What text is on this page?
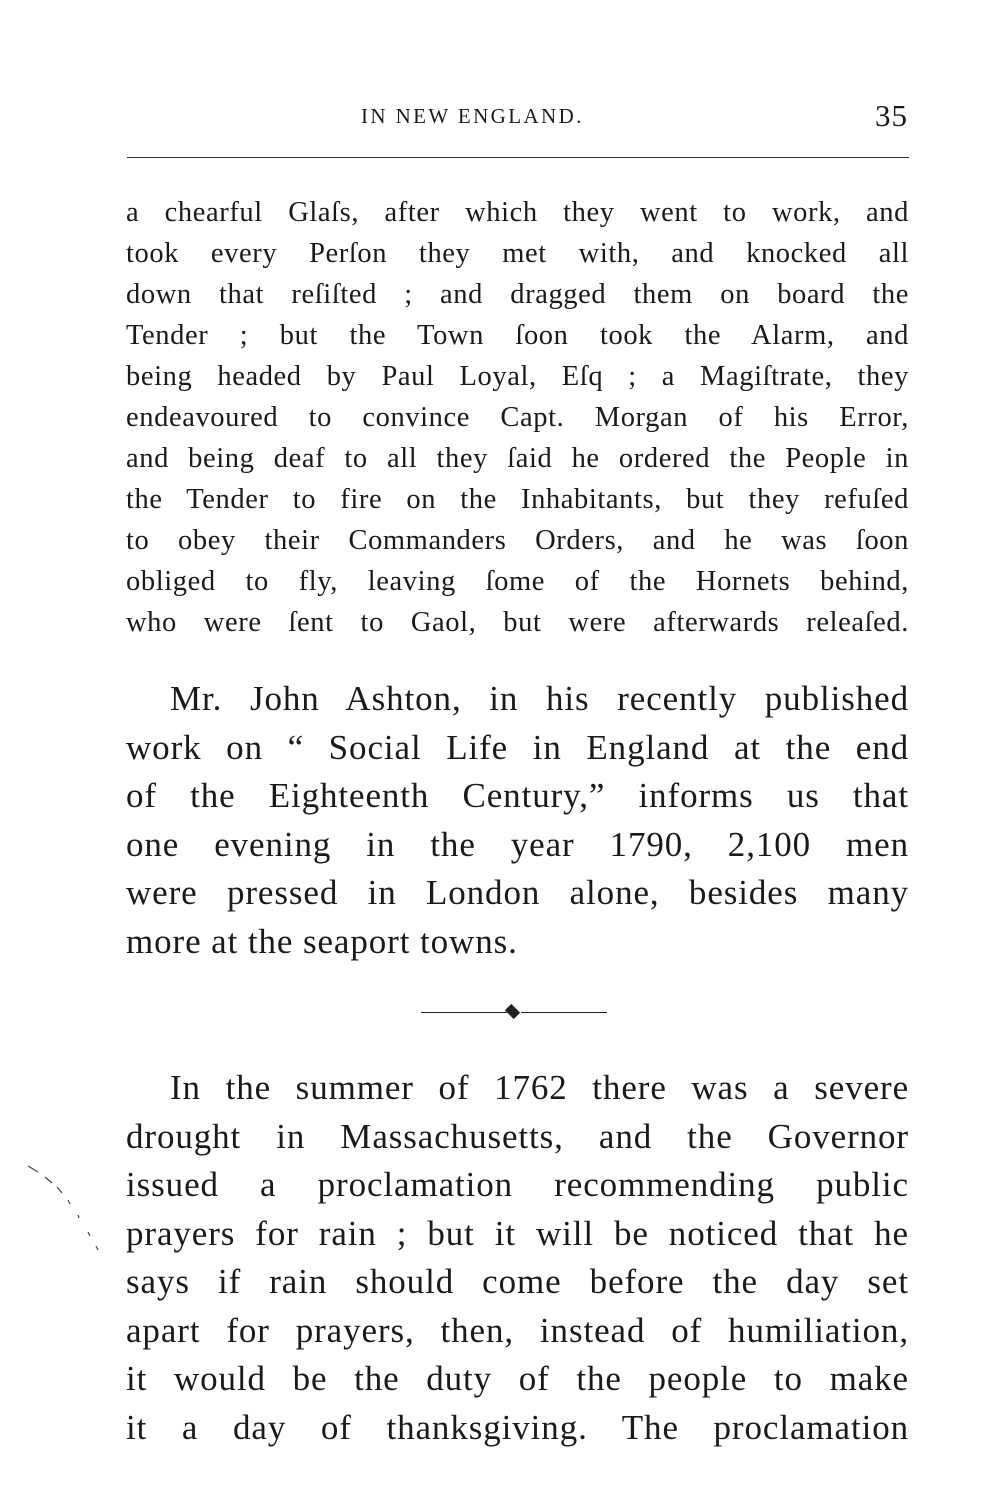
IN NEW ENGLAND.	35
a chearful Glaſs, after which they went to work, and
took every Perſon they met with, and knocked all
down that reſiſted ; and dragged them on board the
Tender ; but the Town ſoon took the Alarm, and
being headed by Paul Loyal, Eſq ; a Magiſtrate, they
endeavoured to convince Capt. Morgan of his Error,
and being deaf to all they ſaid he ordered the People in
the Tender to fire on the Inhabitants, but they refuſed
to obey their Commanders Orders, and he was ſoon
obliged to fly, leaving ſome of the Hornets behind,
who were ſent to Gaol, but were afterwards releaſed.
Mr. John Ashton, in his recently published
work on “ Social Life in England at the end
of the Eighteenth Century,” informs us that
one evening in the year 1790, 2,100 men
were pressed in London alone, besides many
more at the seaport towns.
In the summer of 1762 there was a severe
drought in Massachusetts, and the Governor
issued a proclamation recommending public
prayers for rain ; but it will be noticed that he
says if rain should come before the day set
apart for prayers, then, instead of humiliation,
it would be the duty of the people to make
it a day of thanksgiving. The proclamation
